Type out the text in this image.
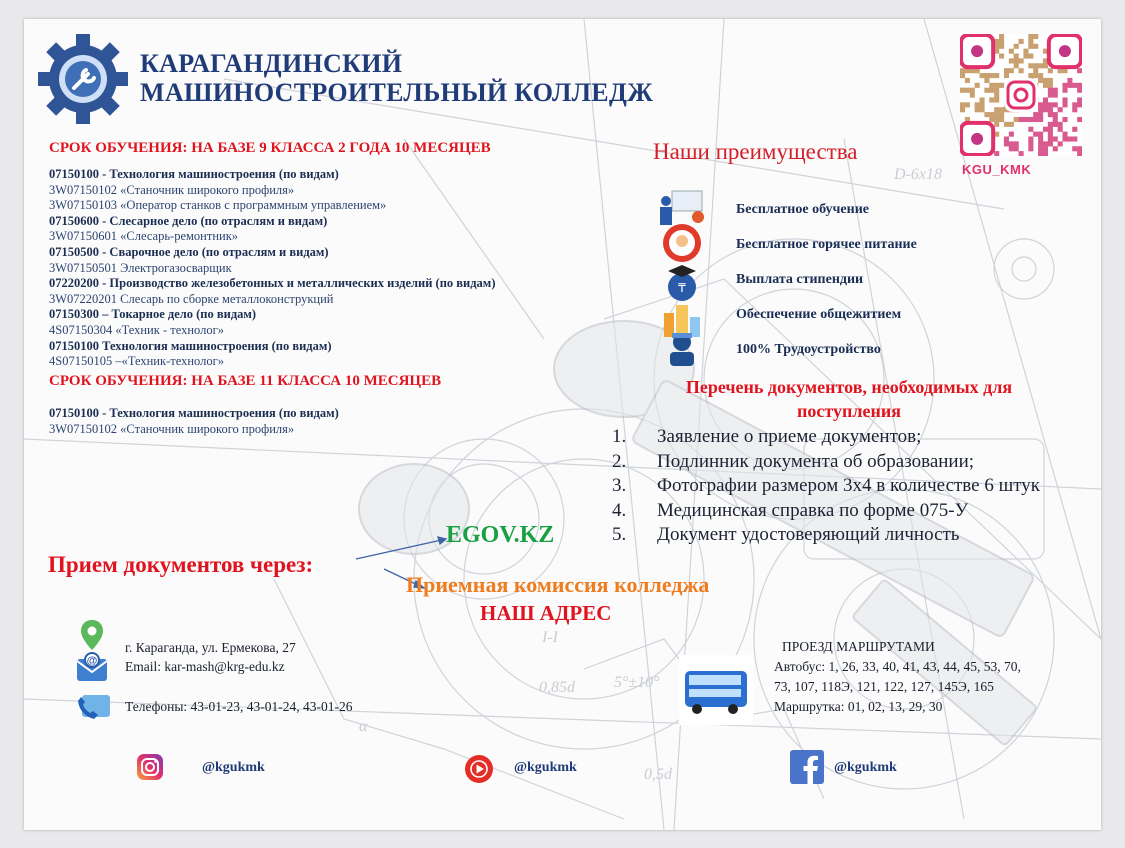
D-6x18
0,85d 5°±10°
0,5d
α
I-I
КАРАГАНДИНСКИЙ
МАШИНОСТРОИТЕЛЬНЫЙ КОЛЛЕДЖ
СРОК ОБУЧЕНИЯ: НА БАЗЕ 9 КЛАССА 2 ГОДА 10 МЕСЯЦЕВ
07150100 - Технология машиностроения (по видам)
3W07150102 «Станочник широкого профиля»
3W07150103 «Оператор станков с программным управлением»
07150600 - Слесарное дело (по отраслям и видам)
3W07150601 «Слесарь-ремонтник»
07150500 - Сварочное дело (по отраслям и видам)
3W07150501 Электрогазосварщик
07220200 - Производство железобетонных и металлических изделий (по видам)
3W07220201 Слесарь по сборке металлоконструкций
07150300 – Токарное дело (по видам)
4S07150304 «Техник - технолог»
07150100 Технология машиностроения (по видам)
4S07150105 –«Техник-технолог»
СРОК ОБУЧЕНИЯ: НА БАЗЕ 11 КЛАССА 10 МЕСЯЦЕВ
07150100 - Технология машиностроения (по видам)
3W07150102 «Станочник широкого профиля»
Наши преимущества
Бесплатное обучение
Бесплатное горячее питание
₸
Выплата стипендии
Обеспечение общежитием
100% Трудоустройство
Перечень документов, необходимых для поступления
1.	Заявление о приеме документов;
2.	Подлинник документа об образовании;
3.	Фотографии размером 3х4 в количестве 6 штук
4.	Медицинская справка по форме 075-У
5.	Документ удостоверяющий личность
Прием документов через:
EGOV.KZ
Приемная комиссия колледжа
НАШ АДРЕС
@
г. Караганда, ул. Ермекова, 27
Email: kar-mash@krg-edu.kz
Телефоны: 43-01-23, 43-01-24, 43-01-26
ПРОЕЗД МАРШРУТАМИ
Автобус: 1, 26, 33, 40, 41, 43, 44, 45, 53, 70, 73, 107, 118Э, 121, 122, 127, 145Э, 165
Маршрутка: 01, 02, 13, 29, 30
@kgukmk	@kgukmk	@kgukmk
KGU_KMK
